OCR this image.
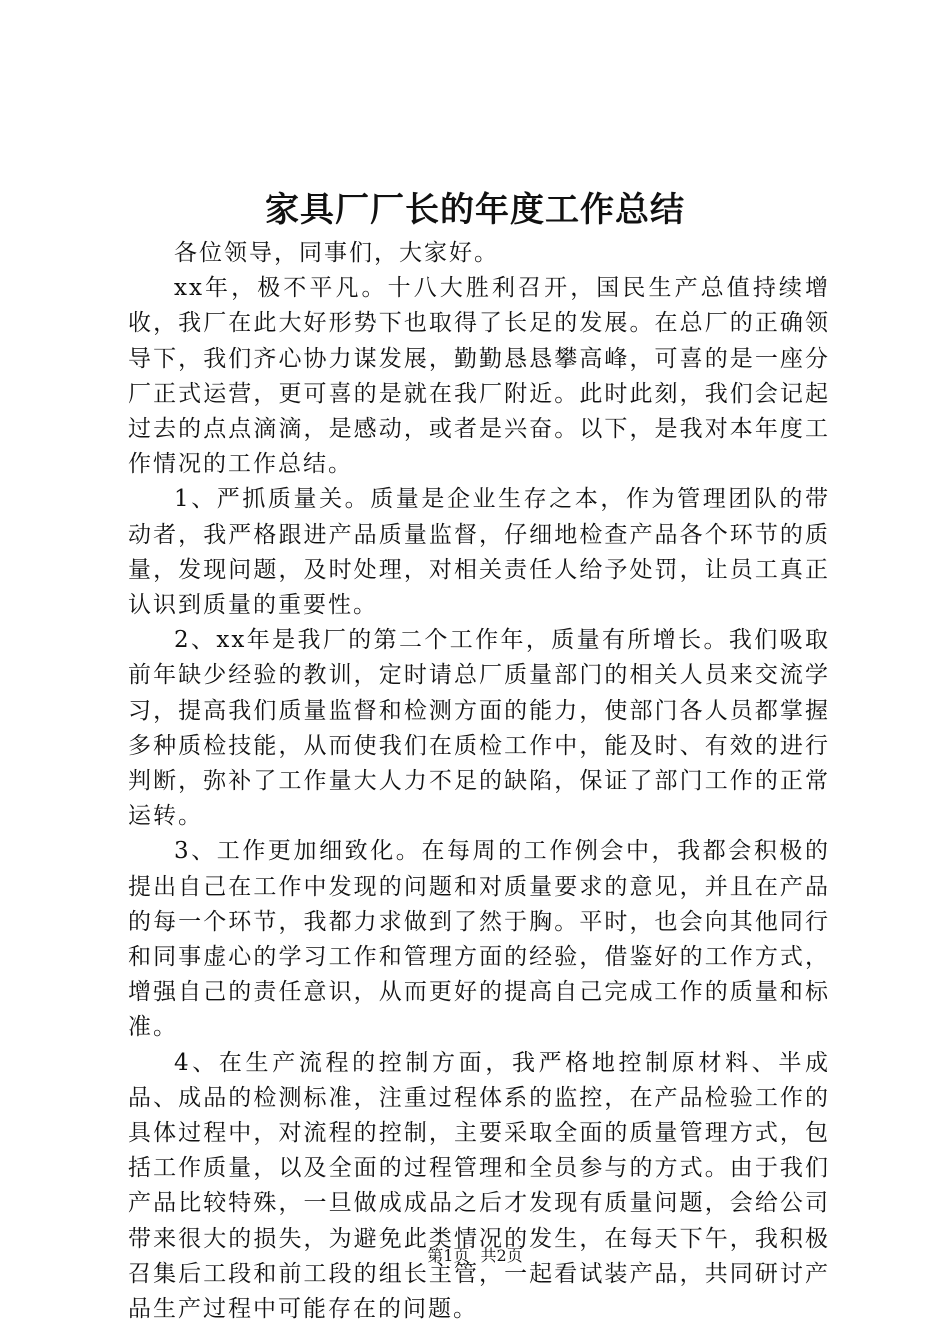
家具厂厂长的年度工作总结

各位领导，同事们，大家好。

xx年，极不平凡。十八大胜利召开，国民生产总值持续增收，我厂在此大好形势下也取得了长足的发展。在总厂的正确领导下，我们齐心协力谋发展，勤勤恳恳攀高峰，可喜的是一座分厂正式运营，更可喜的是就在我厂附近。此时此刻，我们会记起过去的点点滴滴，是感动，或者是兴奋。以下，是我对本年度工作情况的工作总结。

1、严抓质量关。质量是企业生存之本，作为管理团队的带动者，我严格跟进产品质量监督，仔细地检查产品各个环节的质量，发现问题，及时处理，对相关责任人给予处罚，让员工真正认识到质量的重要性。

2、xx年是我厂的第二个工作年，质量有所增长。我们吸取前年缺少经验的教训，定时请总厂质量部门的相关人员来交流学习，提高我们质量监督和检测方面的能力，使部门各人员都掌握多种质检技能，从而使我们在质检工作中，能及时、有效的进行判断，弥补了工作量大人力不足的缺陷，保证了部门工作的正常运转。

3、工作更加细致化。在每周的工作例会中，我都会积极的提出自己在工作中发现的问题和对质量要求的意见，并且在产品的每一个环节，我都力求做到了然于胸。平时，也会向其他同行和同事虚心的学习工作和管理方面的经验，借鉴好的工作方式，增强自己的责任意识，从而更好的提高自己完成工作的质量和标准。

4、在生产流程的控制方面，我严格地控制原材料、半成品、成品的检测标准，注重过程体系的监控，在产品检验工作的具体过程中，对流程的控制，主要采取全面的质量管理方式，包括工作质量，以及全面的过程管理和全员参与的方式。由于我们产品比较特殊，一旦做成成品之后才发现有质量问题，会给公司带来很大的损失，为避免此类情况的发生，在每天下午，我积极召集后工段和前工段的组长主管，一起看试装产品，共同研讨产品生产过程中可能存在的问题。

第1页 共2页
